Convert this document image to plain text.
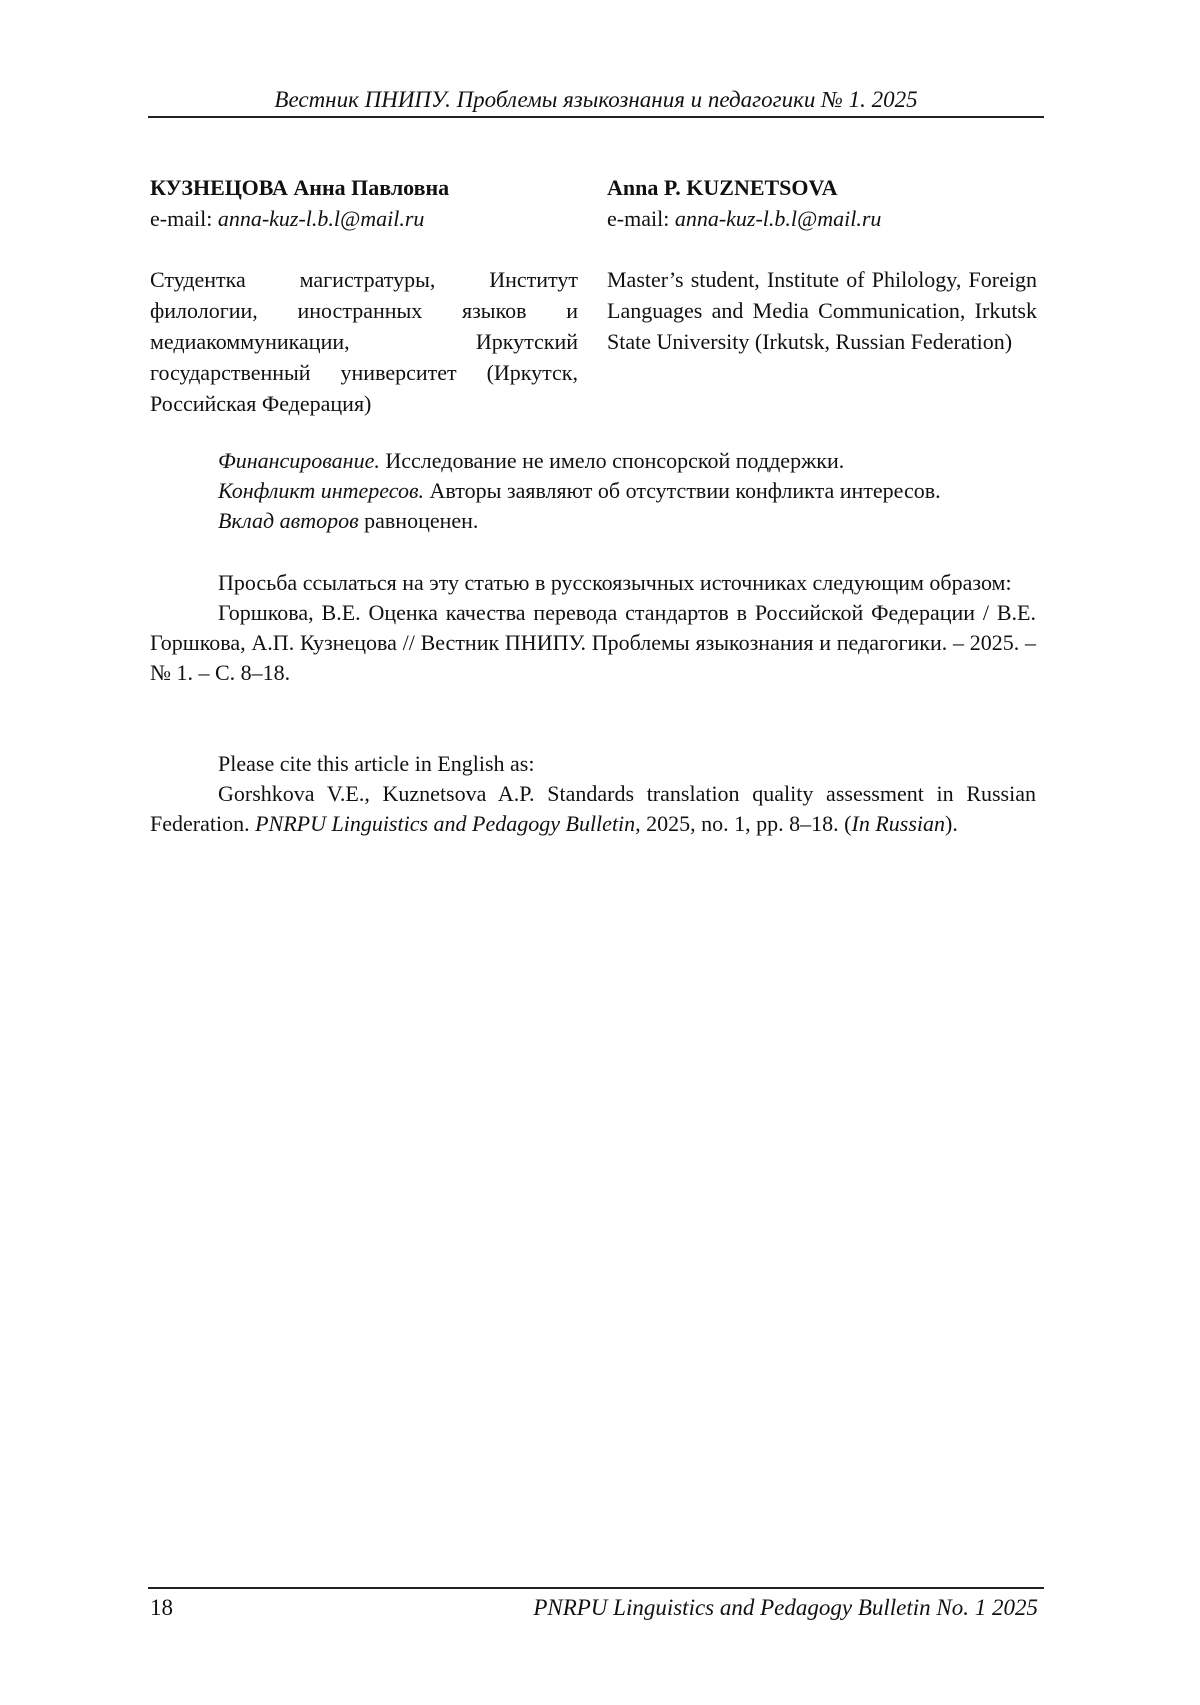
Вестник ПНИПУ. Проблемы языкознания и педагогики № 1. 2025
КУЗНЕЦОВА Анна Павловна
e-mail: anna-kuz-l.b.l@mail.ru
Студентка магистратуры, Институт филологии, иностранных языков и медиакоммуникации, Иркутский государственный университет (Иркутск, Российская Федерация)
Anna P. KUZNETSOVA
e-mail: anna-kuz-l.b.l@mail.ru
Master’s student, Institute of Philology, Foreign Languages and Media Communication, Irkutsk State University (Irkutsk, Russian Federation)
Финансирование. Исследование не имело спонсорской поддержки.
Конфликт интересов. Авторы заявляют об отсутствии конфликта интересов.
Вклад авторов равноценен.
Просьба ссылаться на эту статью в русскоязычных источниках следующим образом:
Горшкова, В.Е. Оценка качества перевода стандартов в Российской Федерации / В.Е. Горшкова, А.П. Кузнецова // Вестник ПНИПУ. Проблемы языкознания и педагогики. – 2025. – № 1. – С. 8–18.
Please cite this article in English as:
Gorshkova V.E., Kuznetsova A.P. Standards translation quality assessment in Russian Federation. PNRPU Linguistics and Pedagogy Bulletin, 2025, no. 1, pp. 8–18. (In Russian).
18	PNRPU Linguistics and Pedagogy Bulletin No. 1 2025
